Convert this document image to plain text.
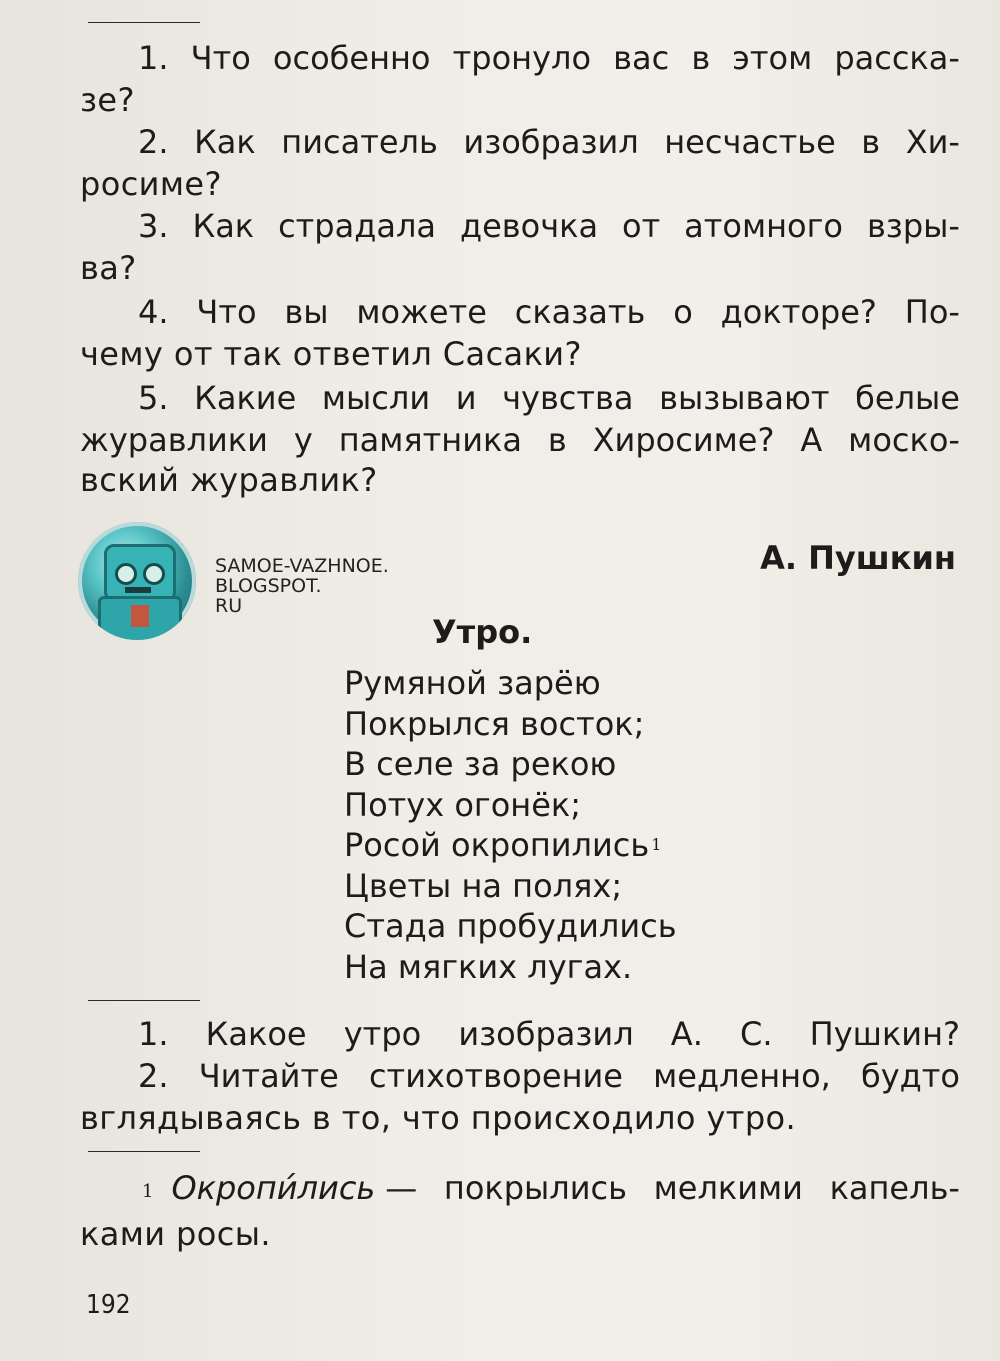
1. Что особенно тронуло вас в этом расска-
зе?
2. Как писатель изобразил несчастье в Хи-
росиме?
3. Как страдала девочка от атомного взры-
ва?
4. Что вы можете сказать о докторе? По-
чему от так ответил Сасаки?
5. Какие мысли и чувства вызывают белые
журавлики у памятника в Хиросиме? А моско-
вский журавлик?
SAMOE-VAZHNOE.
BLOGSPOT.
RU
А. Пушкин
Утро.
Румяной зарёю
Покрылся восток;
В селе за рекою
Потух огонёк;
Росой окропились $^1$
Цветы на полях;
Стада пробудились
На мягких лугах.
1. Какое утро изобразил А. С. Пушкин?
2. Читайте стихотворение медленно, будто
вглядываясь в то, что происходило утро.
1 Окропи́лись — покрылись мелкими капель-
ками росы.
192
